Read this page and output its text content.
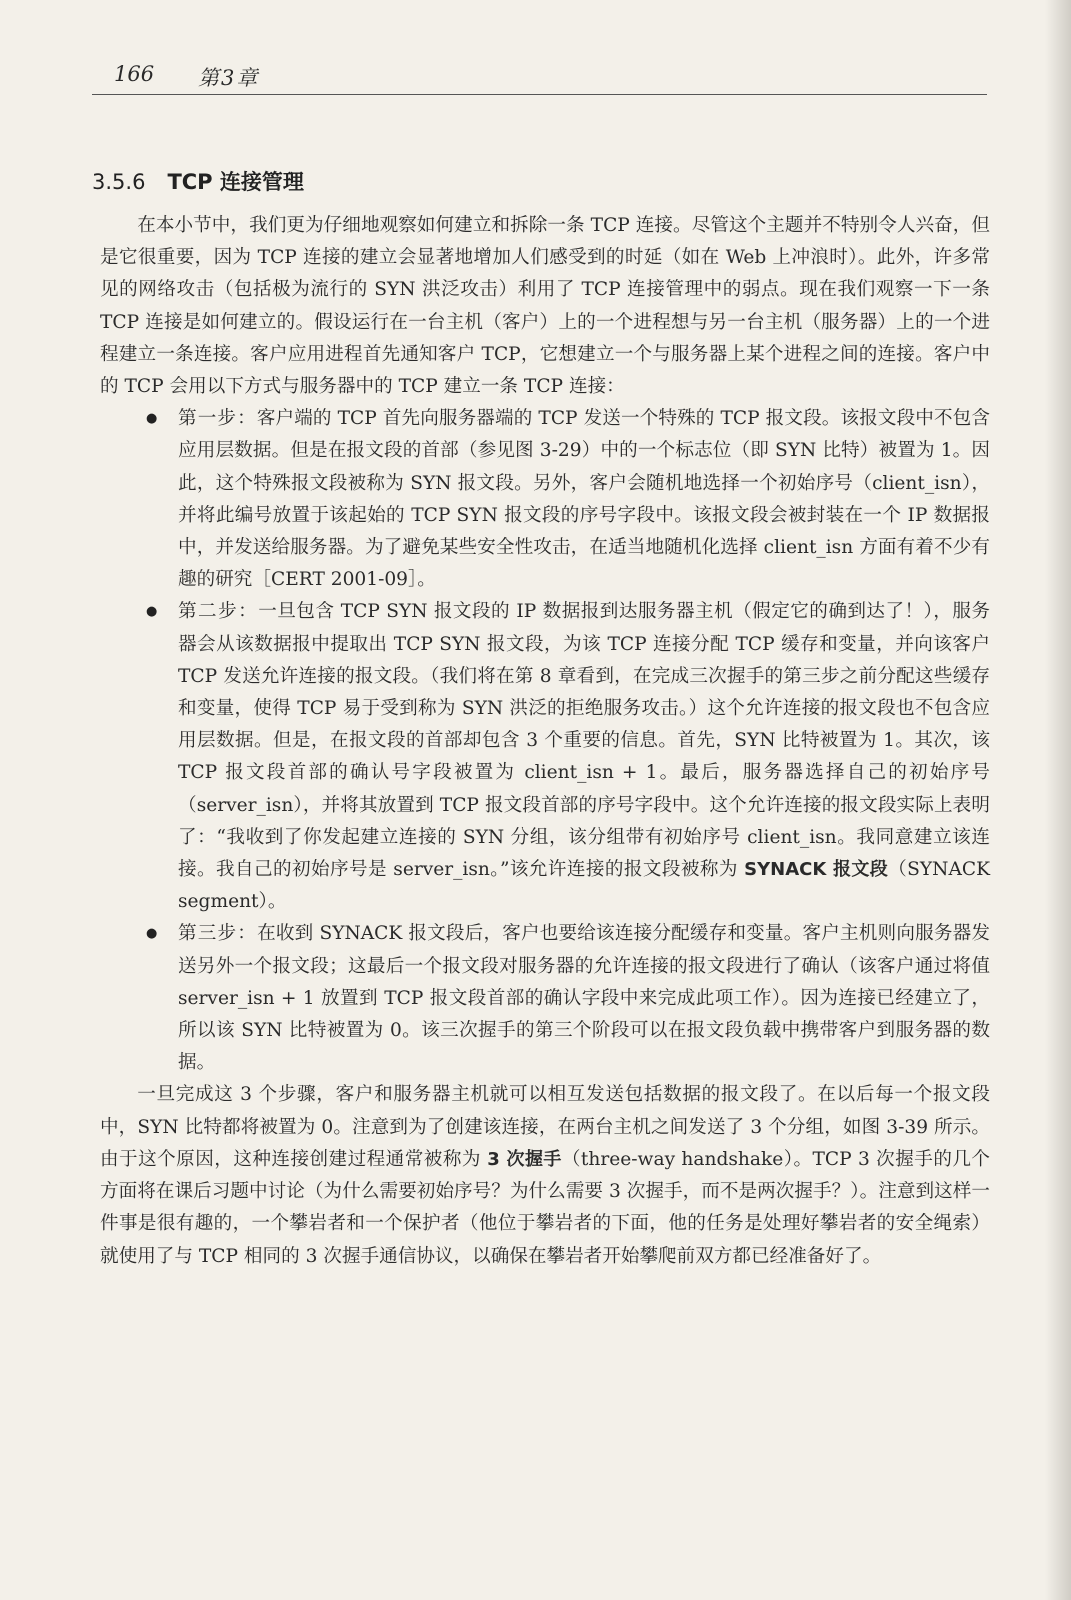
166 第3章
3.5.6 TCP 连接管理

在本小节中，我们更为仔细地观察如何建立和拆除一条 TCP 连接。尽管这个主题并不特别令人兴奋，但是它很重要，因为 TCP 连接的建立会显著地增加人们感受到的时延（如在 Web 上冲浪时）。此外，许多常见的网络攻击（包括极为流行的 SYN 洪泛攻击）利用了 TCP 连接管理中的弱点。现在我们观察一下一条 TCP 连接是如何建立的。假设运行在一台主机（客户）上的一个进程想与另一台主机（服务器）上的一个进程建立一条连接。客户应用进程首先通知客户 TCP，它想建立一个与服务器上某个进程之间的连接。客户中的 TCP 会用以下方式与服务器中的 TCP 建立一条 TCP 连接：

● 第一步：客户端的 TCP 首先向服务器端的 TCP 发送一个特殊的 TCP 报文段。该报文段中不包含应用层数据。但是在报文段的首部（参见图 3-29）中的一个标志位（即 SYN 比特）被置为 1。因此，这个特殊报文段被称为 SYN 报文段。另外，客户会随机地选择一个初始序号（client_isn），并将此编号放置于该起始的 TCP SYN 报文段的序号字段中。该报文段会被封装在一个 IP 数据报中，并发送给服务器。为了避免某些安全性攻击，在适当地随机化选择 client_isn 方面有着不少有趣的研究［CERT 2001-09］。
● 第二步：一旦包含 TCP SYN 报文段的 IP 数据报到达服务器主机（假定它的确到达了！），服务器会从该数据报中提取出 TCP SYN 报文段，为该 TCP 连接分配 TCP 缓存和变量，并向该客户 TCP 发送允许连接的报文段。（我们将在第 8 章看到，在完成三次握手的第三步之前分配这些缓存和变量，使得 TCP 易于受到称为 SYN 洪泛的拒绝服务攻击。）这个允许连接的报文段也不包含应用层数据。但是，在报文段的首部却包含 3 个重要的信息。首先，SYN 比特被置为 1。其次，该 TCP 报文段首部的确认号字段被置为 client_isn + 1。最后，服务器选择自己的初始序号（server_isn），并将其放置到 TCP 报文段首部的序号字段中。这个允许连接的报文段实际上表明了：“我收到了你发起建立连接的 SYN 分组，该分组带有初始序号 client_isn。我同意建立该连接。我自己的初始序号是 server_isn。”该允许连接的报文段被称为 SYNACK 报文段（SYNACK segment）。
● 第三步：在收到 SYNACK 报文段后，客户也要给该连接分配缓存和变量。客户主机则向服务器发送另外一个报文段；这最后一个报文段对服务器的允许连接的报文段进行了确认（该客户通过将值 server_isn + 1 放置到 TCP 报文段首部的确认字段中来完成此项工作）。因为连接已经建立了，所以该 SYN 比特被置为 0。该三次握手的第三个阶段可以在报文段负载中携带客户到服务器的数据。

一旦完成这 3 个步骤，客户和服务器主机就可以相互发送包括数据的报文段了。在以后每一个报文段中，SYN 比特都将被置为 0。注意到为了创建该连接，在两台主机之间发送了 3 个分组，如图 3-39 所示。由于这个原因，这种连接创建过程通常被称为 3 次握手（three-way handshake）。TCP 3 次握手的几个方面将在课后习题中讨论（为什么需要初始序号？为什么需要 3 次握手，而不是两次握手？）。注意到这样一件事是很有趣的，一个攀岩者和一个保护者（他位于攀岩者的下面，他的任务是处理好攀岩者的安全绳索）就使用了与 TCP 相同的 3 次握手通信协议，以确保在攀岩者开始攀爬前双方都已经准备好了。
